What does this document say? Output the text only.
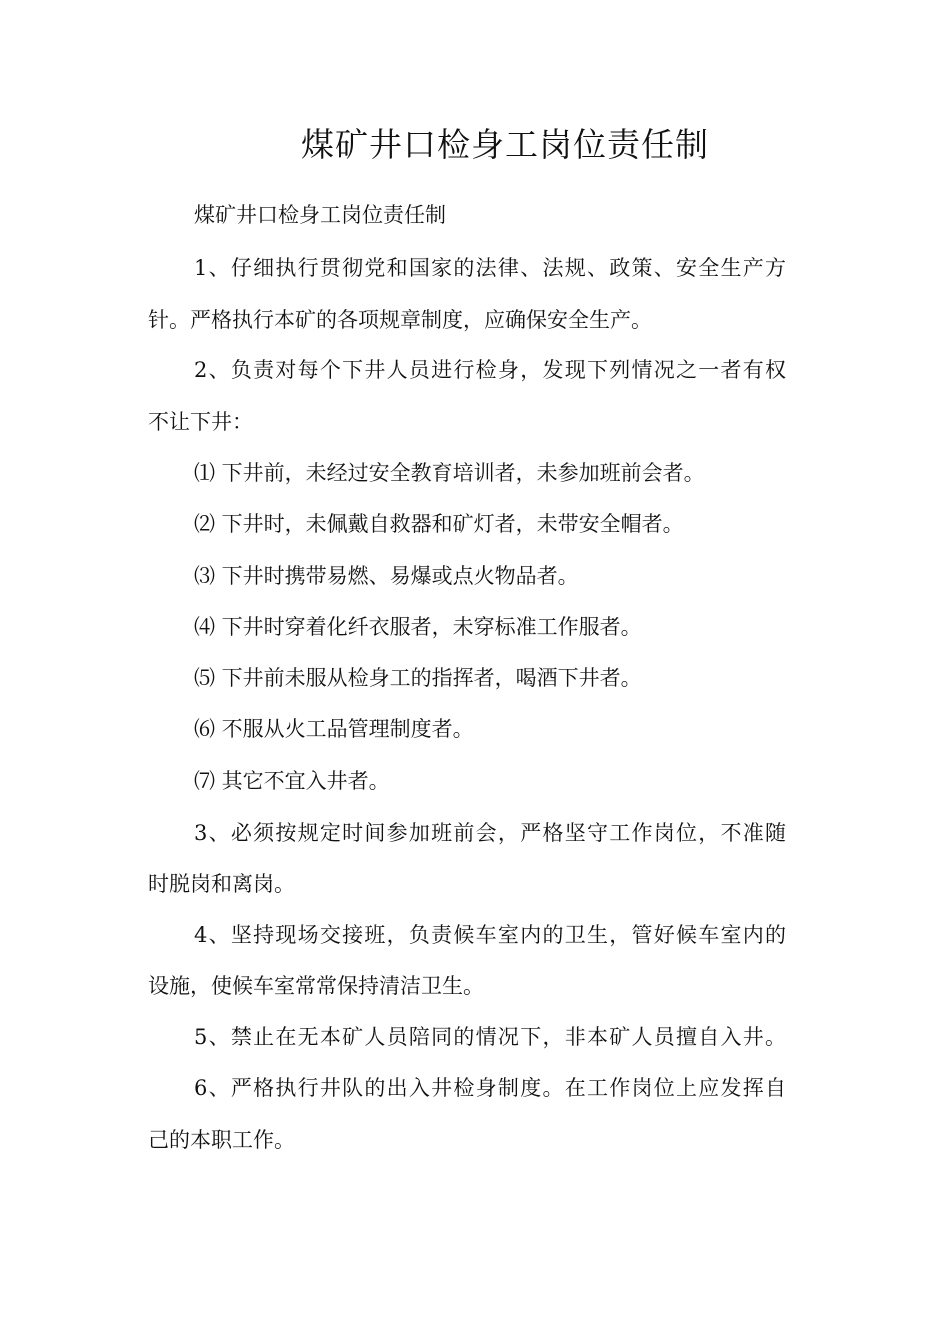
煤矿井口检身工岗位责任制
煤矿井口检身工岗位责任制
1、仔细执行贯彻党和国家的法律、法规、政策、安全生产方
针。严格执行本矿的各项规章制度，应确保安全生产。
2、负责对每个下井人员进行检身，发现下列情况之一者有权
不让下井：
⑴ 下井前，未经过安全教育培训者，未参加班前会者。
⑵ 下井时，未佩戴自救器和矿灯者，未带安全帽者。
⑶ 下井时携带易燃、易爆或点火物品者。
⑷ 下井时穿着化纤衣服者，未穿标准工作服者。
⑸ 下井前未服从检身工的指挥者，喝酒下井者。
⑹ 不服从火工品管理制度者。
⑺ 其它不宜入井者。
3、必须按规定时间参加班前会，严格坚守工作岗位，不准随
时脱岗和离岗。
4、坚持现场交接班，负责候车室内的卫生，管好候车室内的
设施，使候车室常常保持清洁卫生。
5、禁止在无本矿人员陪同的情况下，非本矿人员擅自入井。
6、严格执行井队的出入井检身制度。在工作岗位上应发挥自
己的本职工作。
